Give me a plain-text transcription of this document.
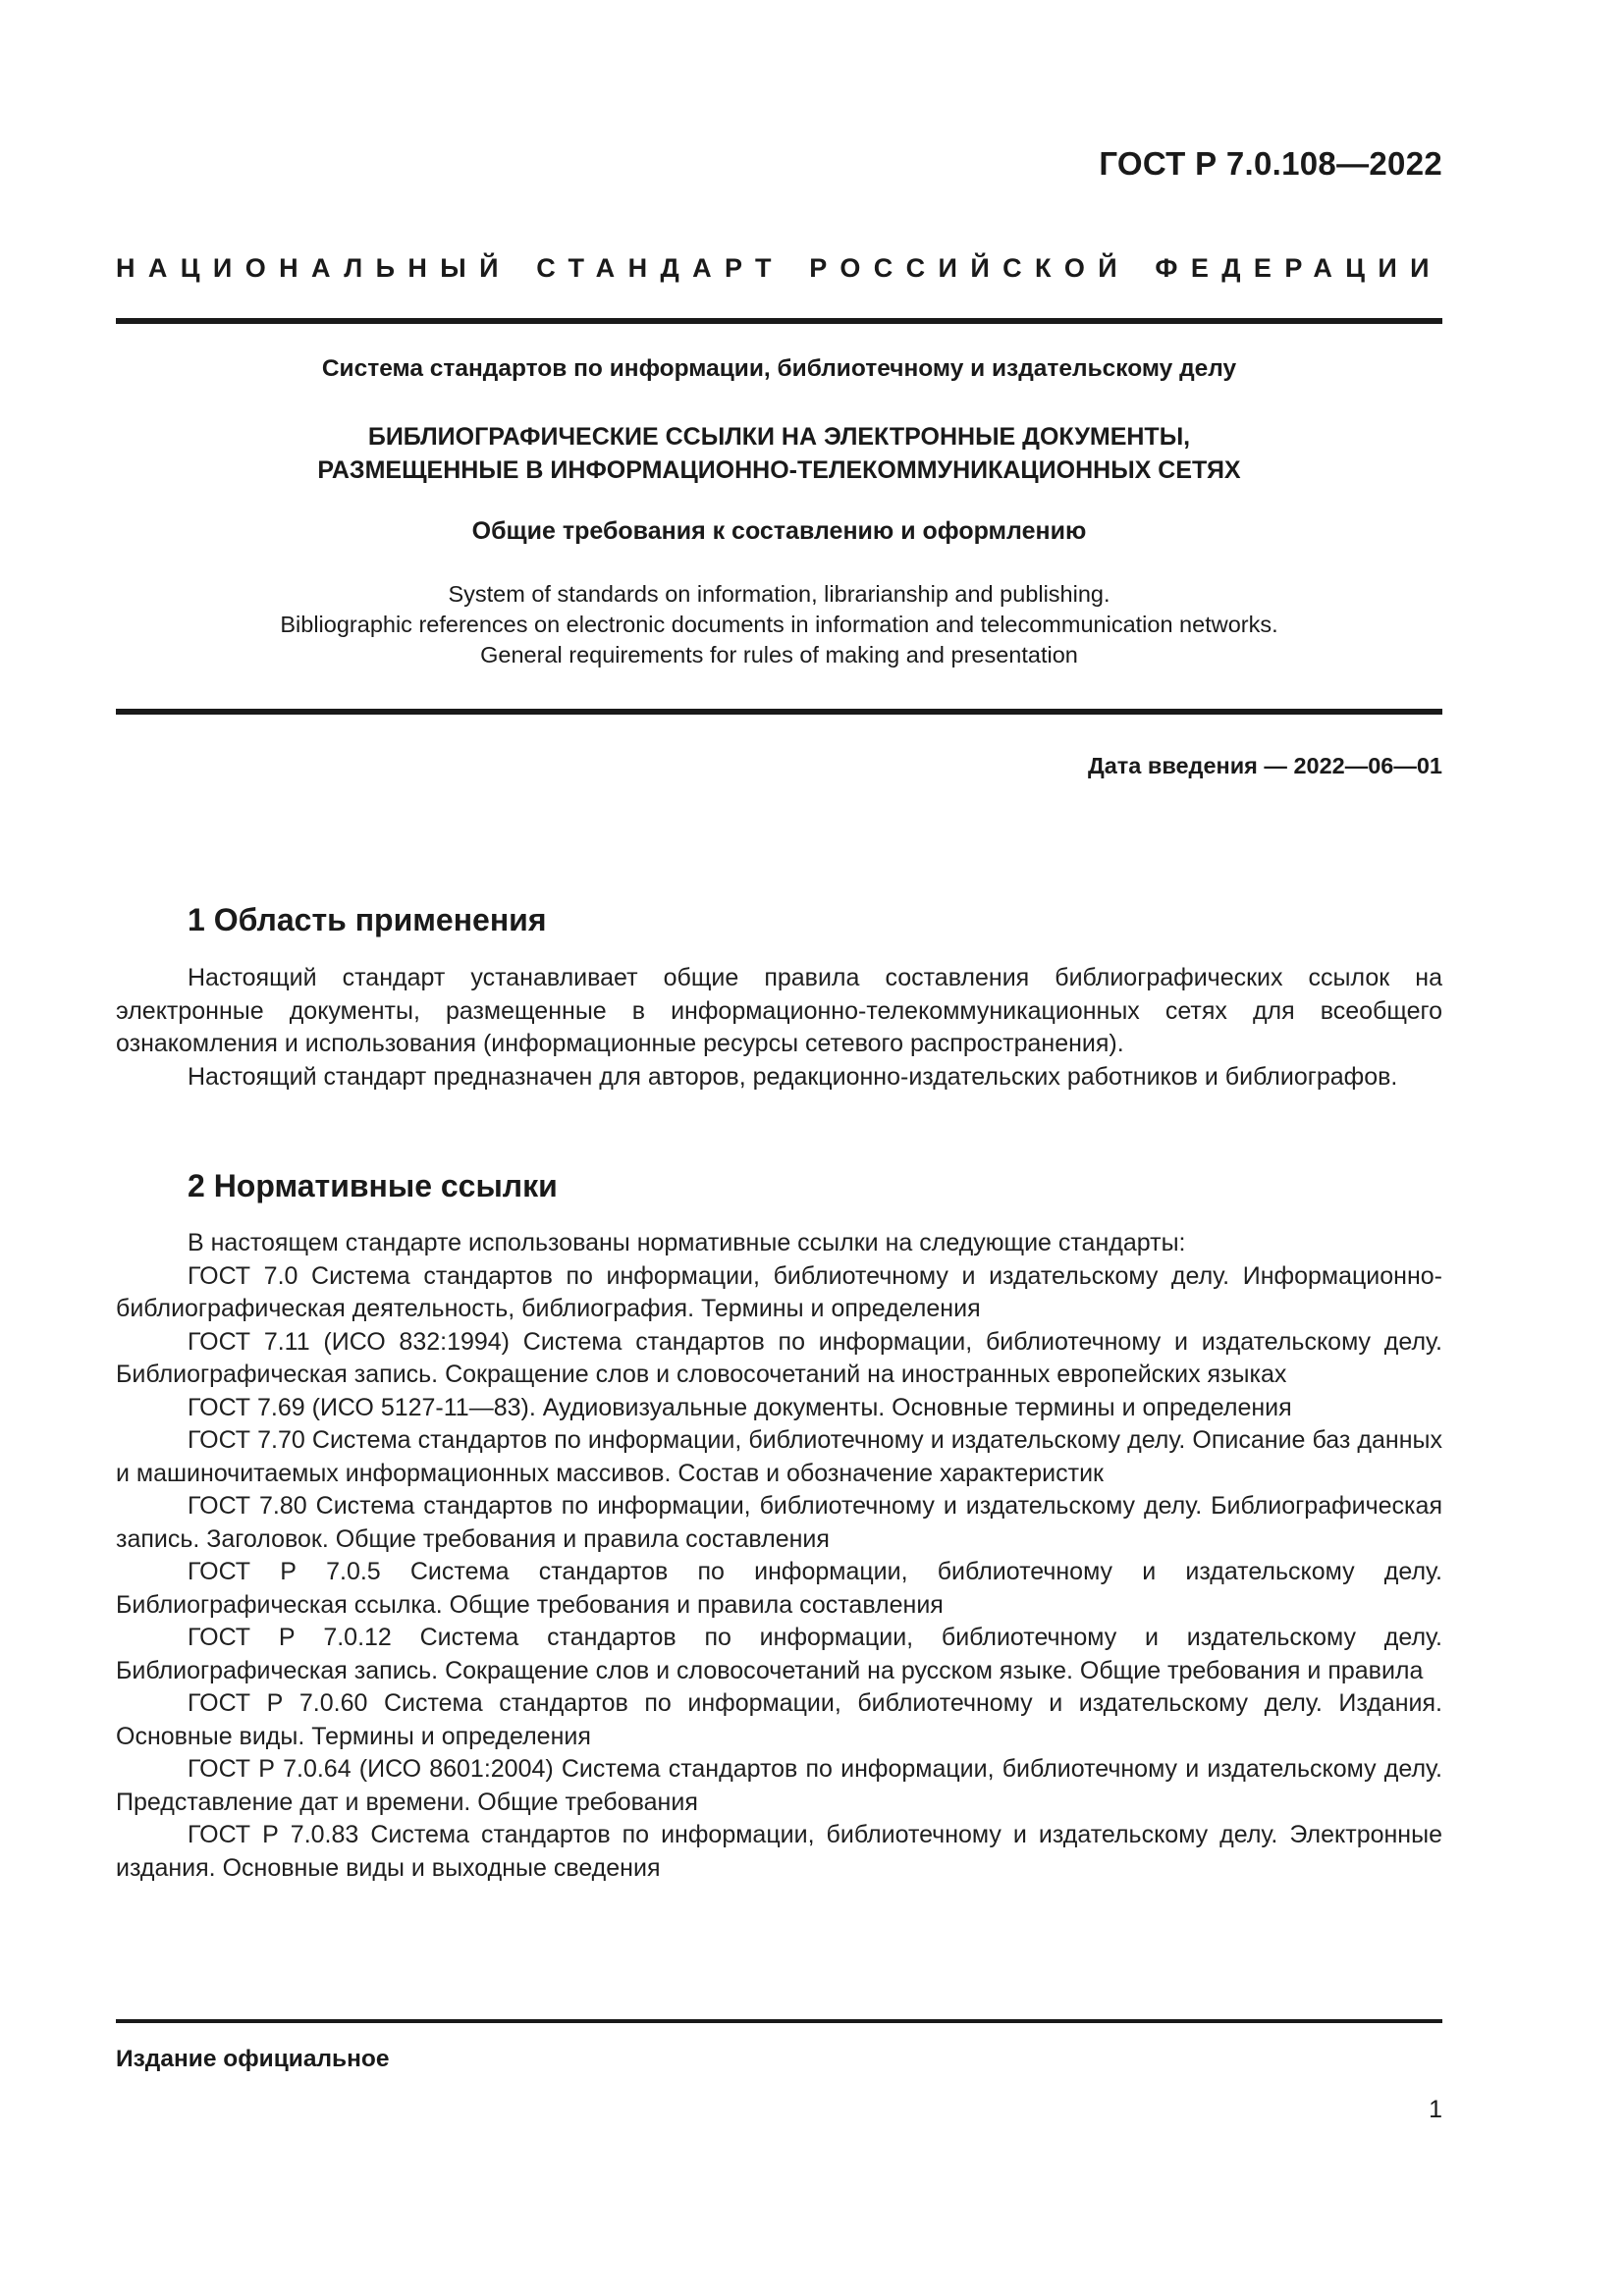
ГОСТ Р 7.0.108—2022
НАЦИОНАЛЬНЫЙ СТАНДАРТ РОССИЙСКОЙ ФЕДЕРАЦИИ
Система стандартов по информации, библиотечному и издательскому делу
БИБЛИОГРАФИЧЕСКИЕ ССЫЛКИ НА ЭЛЕКТРОННЫЕ ДОКУМЕНТЫ,
РАЗМЕЩЕННЫЕ В ИНФОРМАЦИОННО-ТЕЛЕКОММУНИКАЦИОННЫХ СЕТЯХ
Общие требования к составлению и оформлению
System of standards on information, librarianship and publishing.
Bibliographic references on electronic documents in information and telecommunication networks.
General requirements for rules of making and presentation
Дата введения — 2022—06—01
1 Область применения

Настоящий стандарт устанавливает общие правила составления библиографических ссылок на электронные документы, размещенные в информационно-телекоммуникационных сетях для всеобщего ознакомления и использования (информационные ресурсы сетевого распространения).

Настоящий стандарт предназначен для авторов, редакционно-издательских работников и библиографов.

2 Нормативные ссылки

В настоящем стандарте использованы нормативные ссылки на следующие стандарты:

ГОСТ 7.0 Система стандартов по информации, библиотечному и издательскому делу. Информационно-библиографическая деятельность, библиография. Термины и определения

ГОСТ 7.11 (ИСО 832:1994) Система стандартов по информации, библиотечному и издательскому делу. Библиографическая запись. Сокращение слов и словосочетаний на иностранных европейских языках

ГОСТ 7.69 (ИСО 5127-11—83). Аудиовизуальные документы. Основные термины и определения

ГОСТ 7.70 Система стандартов по информации, библиотечному и издательскому делу. Описание баз данных и машиночитаемых информационных массивов. Состав и обозначение характеристик

ГОСТ 7.80 Система стандартов по информации, библиотечному и издательскому делу. Библиографическая запись. Заголовок. Общие требования и правила составления

ГОСТ Р 7.0.5 Система стандартов по информации, библиотечному и издательскому делу. Библиографическая ссылка. Общие требования и правила составления

ГОСТ Р 7.0.12 Система стандартов по информации, библиотечному и издательскому делу. Библиографическая запись. Сокращение слов и словосочетаний на русском языке. Общие требования и правила

ГОСТ Р 7.0.60 Система стандартов по информации, библиотечному и издательскому делу. Издания. Основные виды. Термины и определения

ГОСТ Р 7.0.64 (ИСО 8601:2004) Система стандартов по информации, библиотечному и издательскому делу. Представление дат и времени. Общие требования

ГОСТ Р 7.0.83 Система стандартов по информации, библиотечному и издательскому делу. Электронные издания. Основные виды и выходные сведения

Издание официальное
1
